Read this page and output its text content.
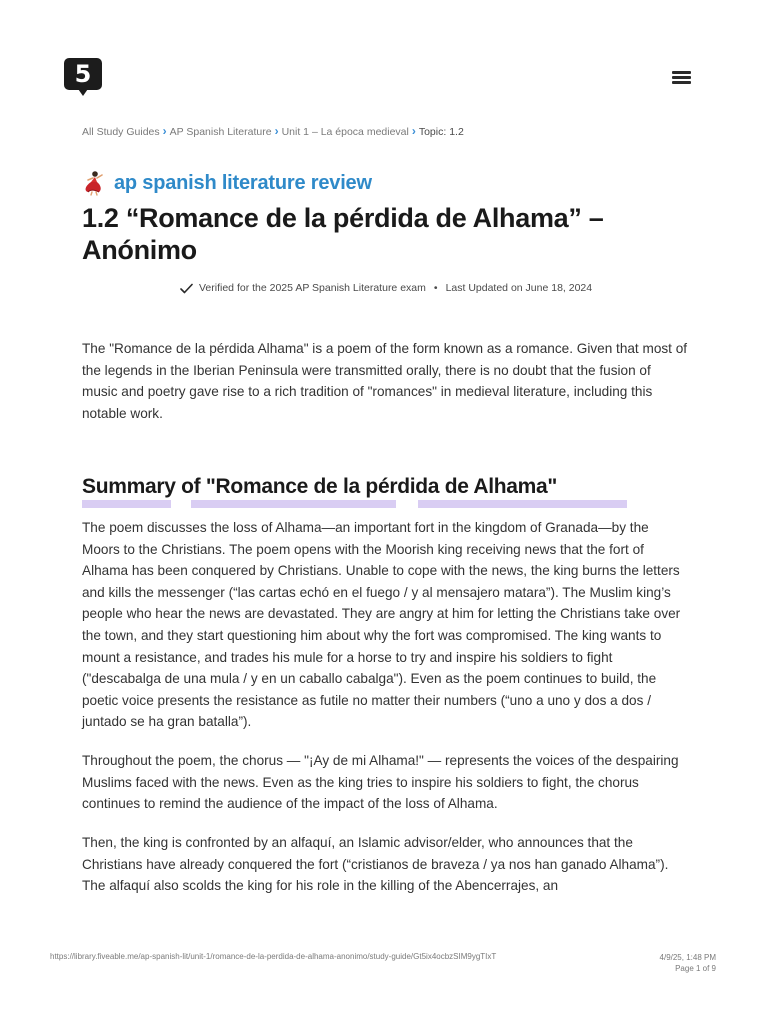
5
All Study Guides › AP Spanish Literature › Unit 1 – La época medieval › Topic: 1.2
ap spanish literature review
1.2 “Romance de la pérdida de Alhama” – Anónimo
Verified for the 2025 AP Spanish Literature exam • Last Updated on June 18, 2024

The "Romance de la pérdida Alhama" is a poem of the form known as a romance. Given that most of the legends in the Iberian Peninsula were transmitted orally, there is no doubt that the fusion of music and poetry gave rise to a rich tradition of "romances" in medieval literature, including this notable work.

Summary of "Romance de la pérdida de Alhama"

The poem discusses the loss of Alhama—an important fort in the kingdom of Granada—by the Moors to the Christians. The poem opens with the Moorish king receiving news that the fort of Alhama has been conquered by Christians. Unable to cope with the news, the king burns the letters and kills the messenger (“las cartas echó en el fuego / y al mensajero matara”). The Muslim king’s people who hear the news are devastated. They are angry at him for letting the Christians take over the town, and they start questioning him about why the fort was compromised. The king wants to mount a resistance, and trades his mule for a horse to try and inspire his soldiers to fight ("descabalga de una mula / y en un caballo cabalga"). Even as the poem continues to build, the poetic voice presents the resistance as futile no matter their numbers (“uno a uno y dos a dos / juntado se ha gran batalla”).

Throughout the poem, the chorus — "¡Ay de mi Alhama!" — represents the voices of the despairing Muslims faced with the news. Even as the king tries to inspire his soldiers to fight, the chorus continues to remind the audience of the impact of the loss of Alhama.

Then, the king is confronted by an alfaquí, an Islamic advisor/elder, who announces that the Christians have already conquered the fort (“cristianos de braveza / ya nos han ganado Alhama”). The alfaquí also scolds the king for his role in the killing of the Abencerrajes, an

https://library.fiveable.me/ap-spanish-lit/unit-1/romance-de-la-perdida-de-alhama-anonimo/study-guide/Gt5ix4ocbzSIM9ygTIxT	4/9/25, 1:48 PM
Page 1 of 9
